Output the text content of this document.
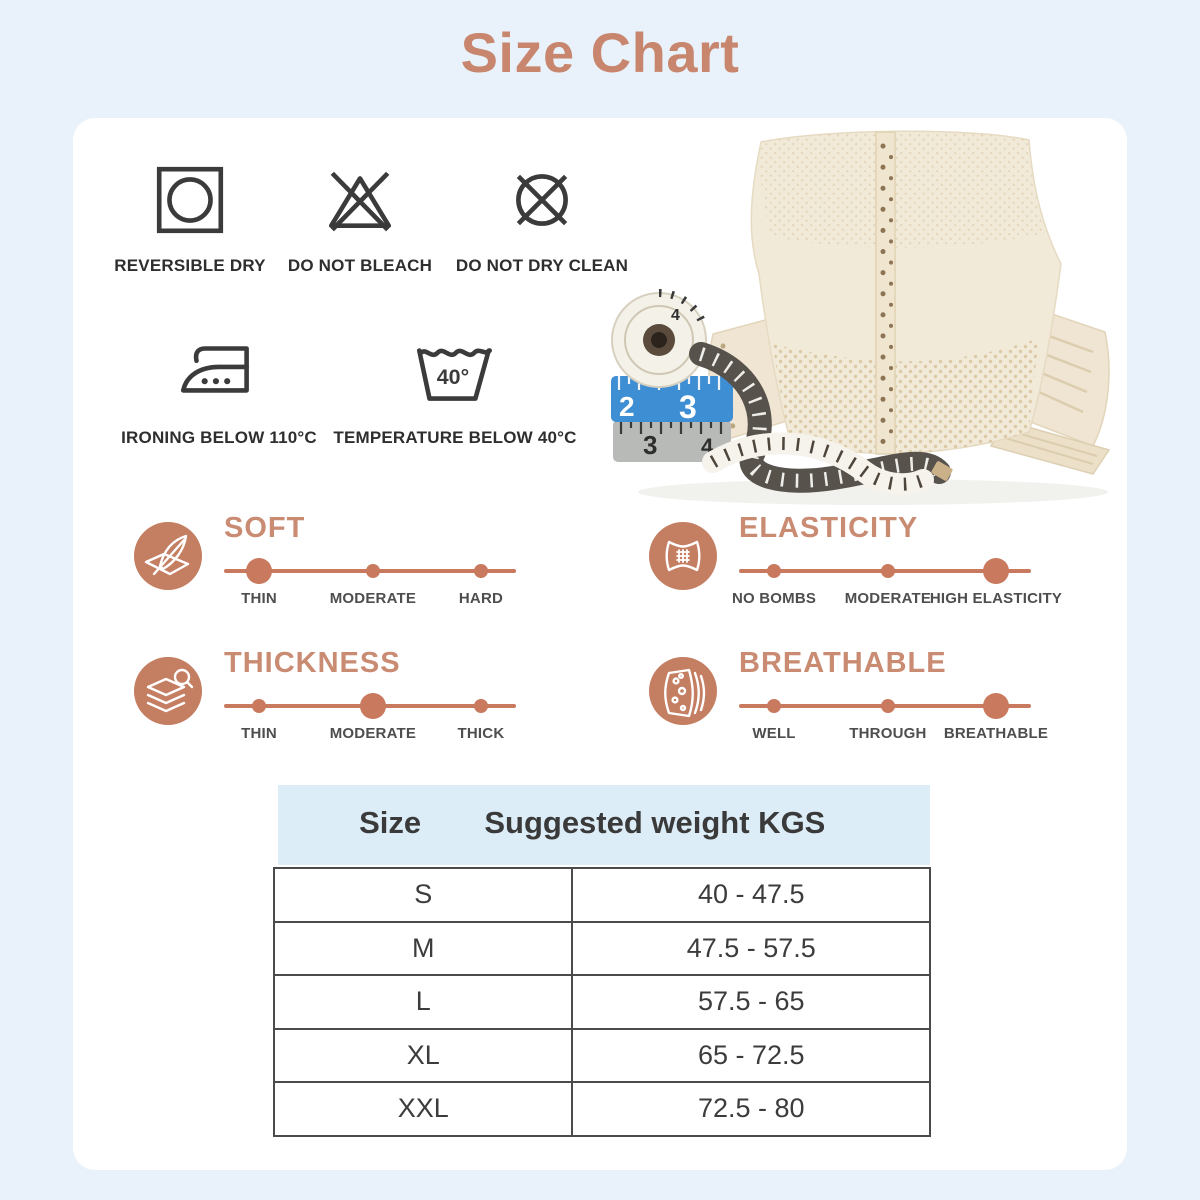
Size Chart
REVERSIBLE DRY DO NOT BLEACH DO NOT DRY CLEAN
IRONING BELOW 110°C
40°
TEMPERATURE BELOW 40°C	3 4
2 3
4
SOFT
THIN	MODERATE	HARD
ELASTICITY
NO BOMBS MODERATE
HIGH ELASTICITY
THICKNESS
THIN	MODERATE	THICK
BREATHABLE
WELL	THROUGH BREATHABLE
Size Suggested weight KGS
S	40 - 47.5
M	47.5 - 57.5
L	57.5 - 65
XL	65 - 72.5
XXL	72.5 - 80
